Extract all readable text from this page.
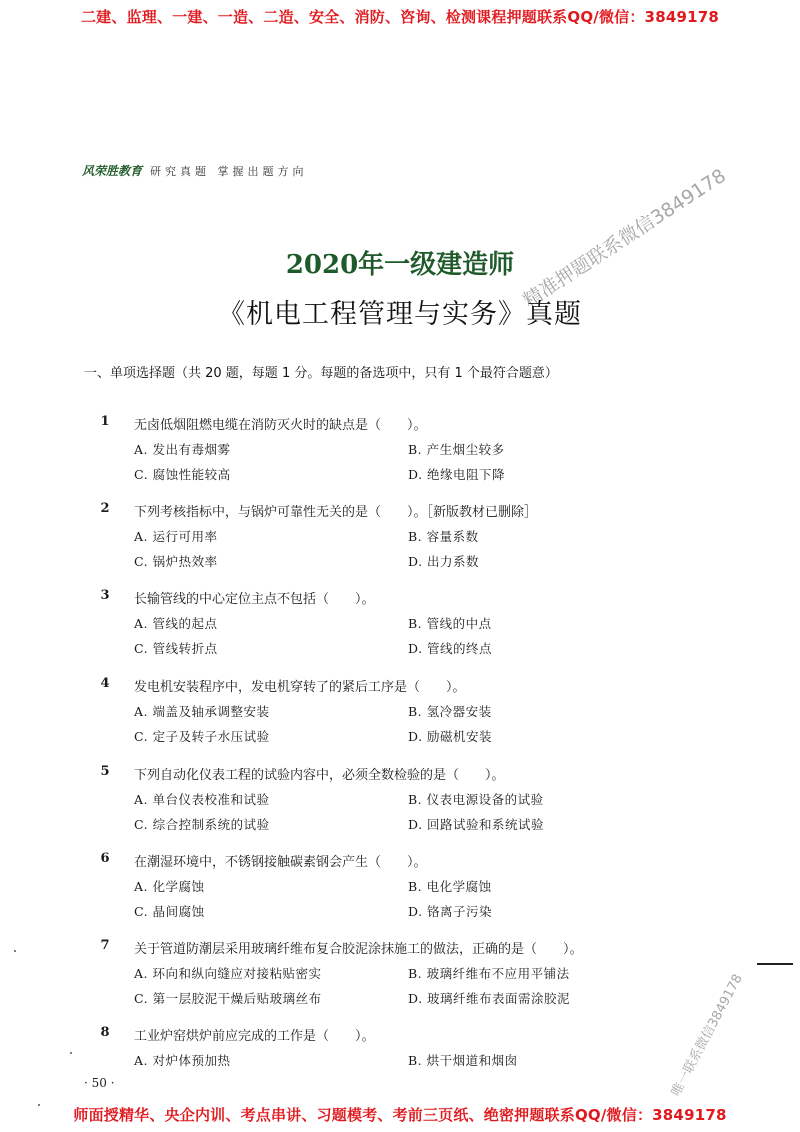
二建、监理、一建、一造、二造、安全、消防、咨询、检测课程押题联系QQ/微信：3849178
风荣胜教育 研究真题 掌握出题方向	精准押题联系微信3849178
2020年一级建造师
《机电工程管理与实务》真题
一、单项选择题（共 20 题，每题 1 分。每题的备选项中，只有 1 个最符合题意）
1 无卤低烟阻燃电缆在消防灭火时的缺点是（　　）。
A. 发出有毒烟雾	B. 产生烟尘较多
C. 腐蚀性能较高	D. 绝缘电阻下降
2 下列考核指标中，与锅炉可靠性无关的是（　　）。［新版教材已删除］
A. 运行可用率	B. 容量系数
C. 锅炉热效率	D. 出力系数
3 长输管线的中心定位主点不包括（　　）。
A. 管线的起点	B. 管线的中点
C. 管线转折点	D. 管线的终点
4 发电机安装程序中，发电机穿转了的紧后工序是（　　）。
A. 端盖及轴承调整安装	B. 氢冷器安装
C. 定子及转子水压试验	D. 励磁机安装
5 下列自动化仪表工程的试验内容中，必须全数检验的是（　　）。
A. 单台仪表校准和试验	B. 仪表电源设备的试验
C. 综合控制系统的试验	D. 回路试验和系统试验
6 在潮湿环境中，不锈钢接触碳素钢会产生（　　）。
A. 化学腐蚀	B. 电化学腐蚀
C. 晶间腐蚀	D. 铬离子污染
7 关于管道防潮层采用玻璃纤维布复合胶泥涂抹施工的做法，正确的是（　　）。
A. 环向和纵向缝应对接粘贴密实	B. 玻璃纤维布不应用平铺法
C. 第一层胶泥干燥后贴玻璃丝布	D. 玻璃纤维布表面需涂胶泥
8 工业炉窑烘炉前应完成的工作是（　　）。
A. 对炉体预加热	B. 烘干烟道和烟囱	唯一联系微信3849178
· 50 ·
师面授精华、央企内训、考点串讲、习题模考、考前三页纸、绝密押题联系QQ/微信：3849178
